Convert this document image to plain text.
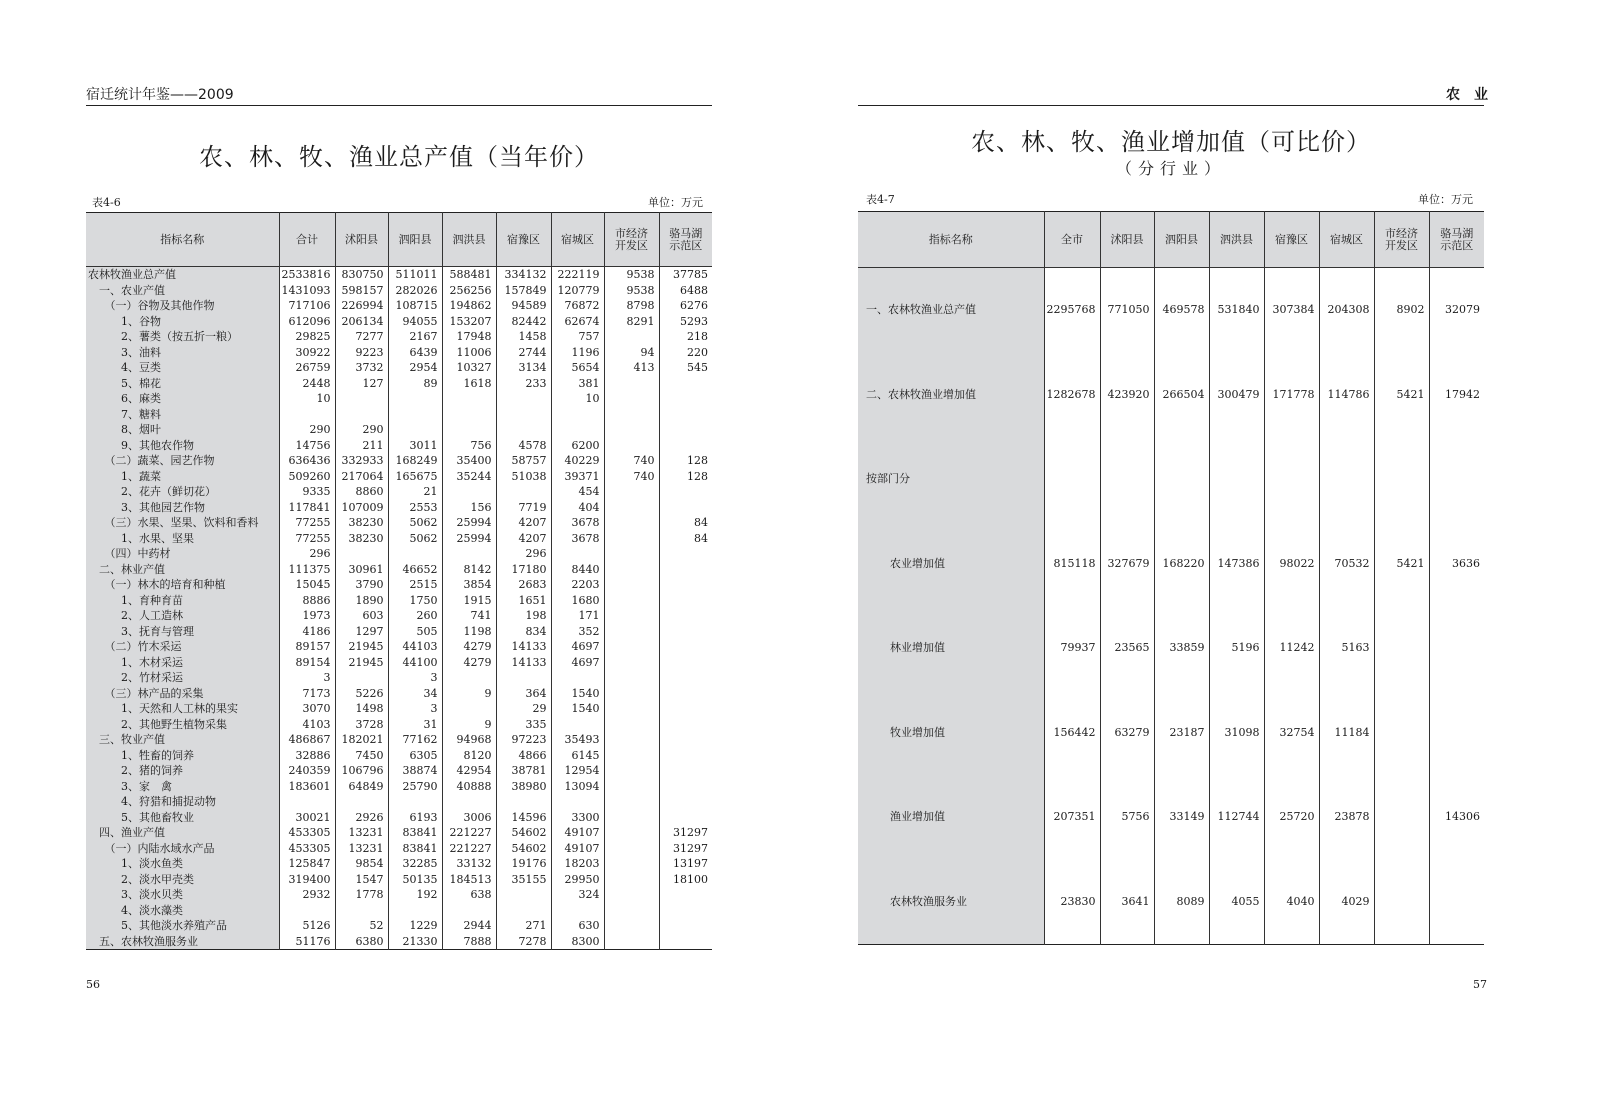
宿迁统计年鉴——2009
农、林、牧、渔业总产值（当年价）
表4-6	单位：万元
指标名称	合计	沭阳县	泗阳县	泗洪县	宿豫区	宿城区	市经济开发区	骆马湖示范区
农林牧渔业总产值	2533816	830750	511011	588481	334132	222119	9538	37785
　一、农业产值	1431093	598157	282026	256256	157849	120779	9538	6488
　　（一）谷物及其他作物	717106	226994	108715	194862	94589	76872	8798	6276
　　　1、谷物	612096	206134	94055	153207	82442	62674	8291	5293
　　　2、薯类（按五折一粮）	29825	7277	2167	17948	1458	757		218
　　　3、油料	30922	9223	6439	11006	2744	1196	94	220
　　　4、豆类	26759	3732	2954	10327	3134	5654	413	545
　　　5、棉花	2448	127	89	1618	233	381		
　　　6、麻类	10					10		
　　　7、糖料								
　　　8、烟叶	290	290						
　　　9、其他农作物	14756	211	3011	756	4578	6200		
　　（二）蔬菜、园艺作物	636436	332933	168249	35400	58757	40229	740	128
　　　1、蔬菜	509260	217064	165675	35244	51038	39371	740	128
　　　2、花卉（鲜切花）	9335	8860	21			454		
　　　3、其他园艺作物	117841	107009	2553	156	7719	404		
　　（三）水果、坚果、饮料和香料	77255	38230	5062	25994	4207	3678		84
　　　1、水果、坚果	77255	38230	5062	25994	4207	3678		84
　　（四）中药材	296				296			
　二、林业产值	111375	30961	46652	8142	17180	8440		
　　（一）林木的培育和种植	15045	3790	2515	3854	2683	2203		
　　　1、育种育苗	8886	1890	1750	1915	1651	1680		
　　　2、人工造林	1973	603	260	741	198	171		
　　　3、抚育与管理	4186	1297	505	1198	834	352		
　　（二）竹木采运	89157	21945	44103	4279	14133	4697		
　　　1、木材采运	89154	21945	44100	4279	14133	4697		
　　　2、竹材采运	3		3					
　　（三）林产品的采集	7173	5226	34	9	364	1540		
　　　1、天然和人工林的果实	3070	1498	3		29	1540		
　　　2、其他野生植物采集	4103	3728	31	9	335			
　三、牧业产值	486867	182021	77162	94968	97223	35493		
　　　1、牲畜的饲养	32886	7450	6305	8120	4866	6145		
　　　2、猪的饲养	240359	106796	38874	42954	38781	12954		
　　　3、家　禽	183601	64849	25790	40888	38980	13094		
　　　4、狩猎和捕捉动物								
　　　5、其他畜牧业	30021	2926	6193	3006	14596	3300		
　四、渔业产值	453305	13231	83841	221227	54602	49107		31297
　　（一）内陆水域水产品	453305	13231	83841	221227	54602	49107		31297
　　　1、淡水鱼类	125847	9854	32285	33132	19176	18203		13197
　　　2、淡水甲壳类	319400	1547	50135	184513	35155	29950		18100
　　　3、淡水贝类	2932	1778	192	638		324		
　　　4、淡水藻类								
　　　5、其他淡水养殖产品	5126	52	1229	2944	271	630		
　五、农林牧渔服务业	51176	6380	21330	7888	7278	8300		
56
农　业
农、林、牧、渔业增加值（可比价）
（分行业）
表4-7	单位：万元
指标名称	全市	沭阳县	泗阳县	泗洪县	宿豫区	宿城区	市经济开发区	骆马湖示范区
一、农林牧渔业总产值	2295768	771050	469578	531840	307384	204308	8902	32079
二、农林牧渔业增加值	1282678	423920	266504	300479	171778	114786	5421	17942
按部门分								
农业增加值	815118	327679	168220	147386	98022	70532	5421	3636
林业增加值	79937	23565	33859	5196	11242	5163		
牧业增加值	156442	63279	23187	31098	32754	11184		
渔业增加值	207351	5756	33149	112744	25720	23878		14306
农林牧渔服务业	23830	3641	8089	4055	4040	4029		
57
